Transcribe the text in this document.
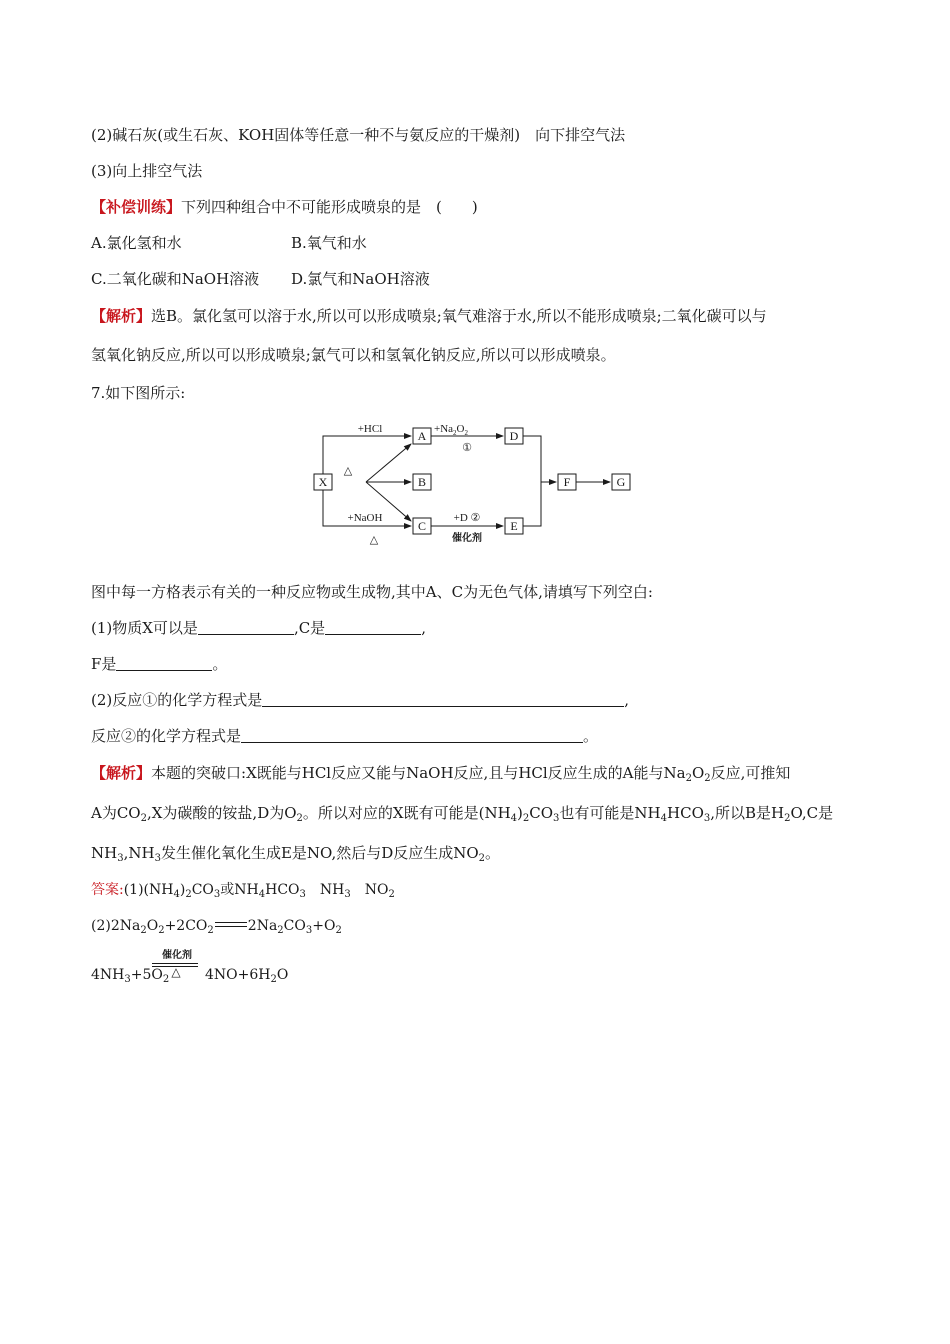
(2)碱石灰(或生石灰、KOH固体等任意一种不与氨反应的干燥剂)　向下排空气法
(3)向上排空气法
【补偿训练】下列四种组合中不可能形成喷泉的是　(　　)
A.氯化氢和水	B.氧气和水
C.二氧化碳和NaOH溶液 D.氯气和NaOH溶液
【解析】选B。氯化氢可以溶于水,所以可以形成喷泉;氧气难溶于水,所以不能形成喷泉;二氧化碳可以与
氢氧化钠反应,所以可以形成喷泉;氯气可以和氢氧化钠反应,所以可以形成喷泉。
7.如下图所示:
X
A
B
C
D
E
F	G
+HCl	$+Na_2O_2$
①
△
+NaOH
△
+D ②
催化剂
图中每一方格表示有关的一种反应物或生成物,其中A、C为无色气体,请填写下列空白:
(1)物质X可以是	,C是	,
F是	。
(2)反应①的化学方程式是	,
反应②的化学方程式是	。
【解析】本题的突破口:X既能与HCl反应又能与NaOH反应,且与HCl反应生成的A能与$Na_2O_2$反应,可推知
A为$CO_2,X$为碳酸的铵盐,D为$O_2$。所以对应的X既有可能是$(NH_4)_2CO_3$也有可能是$NH_4HCO_3$,所以B是$H_2O,C$是
$NH_3,NH_3$发生催化氧化生成E是NO,然后与D反应生成$NO_2$。
答案$:(1)(NH_4)_2CO_3$或$NH_4HCO_3$　$NH_3$　$NO_2$
$(2)2Na_2O_2+2CO_2$ $2Na_2CO_3+O_2$
$4NH_3+5O_2$
催化剂
△	$4NO+6H_2O$
